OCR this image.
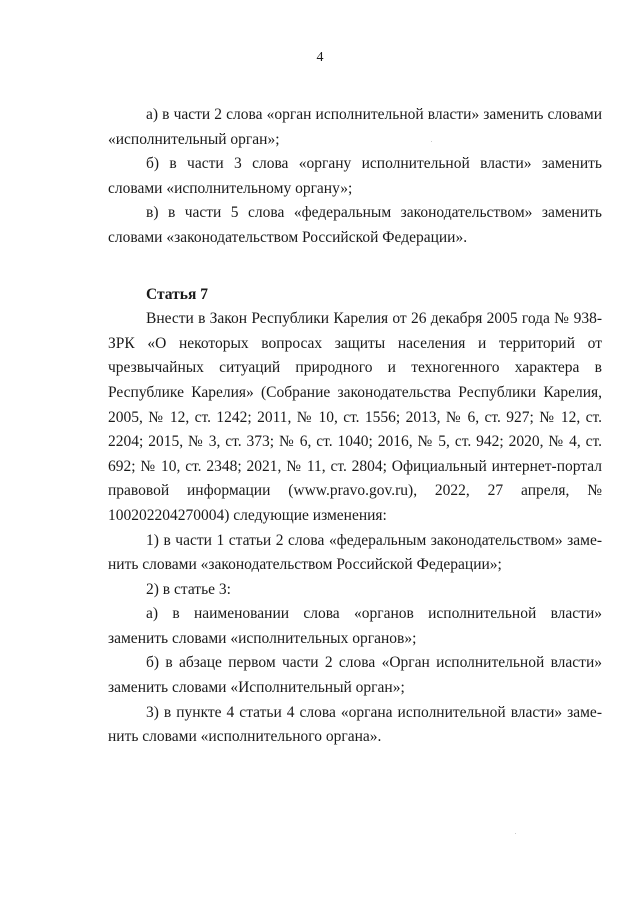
4

а) в части 2 слова «орган исполнительной власти» заменить словами «исполнительный орган»;

б) в части 3 слова «органу исполнительной власти» заменить словами «исполнительному органу»;

в) в части 5 слова «федеральным законодательством» заменить словами «законодательством Российской Федерации».

Статья 7

Внести в Закон Республики Карелия от 26 декабря 2005 года № 938-ЗРК «О некоторых вопросах защиты населения и территорий от чрезвычайных ситуаций природного и техногенного характера в Республике Карелия» (Собрание законодательства Республики Карелия, 2005, № 12, ст. 1242; 2011, № 10, ст. 1556; 2013, № 6, ст. 927; № 12, ст. 2204; 2015, № 3, ст. 373; № 6, ст. 1040; 2016, № 5, ст. 942; 2020, № 4, ст. 692; № 10, ст. 2348; 2021, № 11, ст. 2804; Официальный интернет-портал правовой информации (www.pravo.gov.ru), 2022, 27 апреля, № 100202204270004) следующие изменения:

1) в части 1 статьи 2 слова «федеральным законодательством» заменить словами «законодательством Российской Федерации»;

2) в статье 3:

а) в наименовании слова «органов исполнительной власти» заменить словами «исполнительных органов»;

б) в абзаце первом части 2 слова «Орган исполнительной власти» заменить словами «Исполнительный орган»;

3) в пункте 4 статьи 4 слова «органа исполнительной власти» заменить словами «исполнительного органа».
